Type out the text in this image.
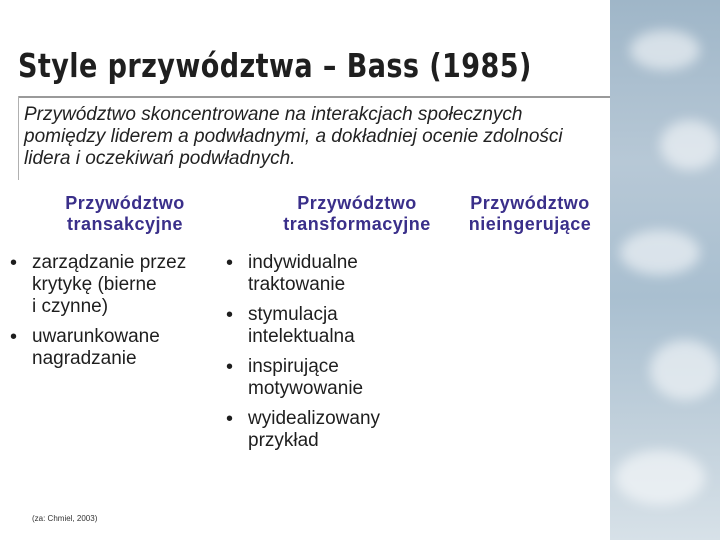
Style przywództwa – Bass (1985)
Przywództwo skoncentrowane na interakcjach społecznych pomiędzy liderem a podwładnymi, a dokładniej ocenie zdolności lidera i oczekiwań podwładnych.
Przywództwo
transakcyjne
Przywództwo
transformacyjne
Przywództwo
nieingerujące
• zarządzanie przez
krytykę (bierne
i czynne)
• uwarunkowane
nagradzanie
• indywidualne
traktowanie
• stymulacja
intelektualna
• inspirujące
motywowanie
• wyidealizowany
przykład
(za: Chmiel, 2003)
